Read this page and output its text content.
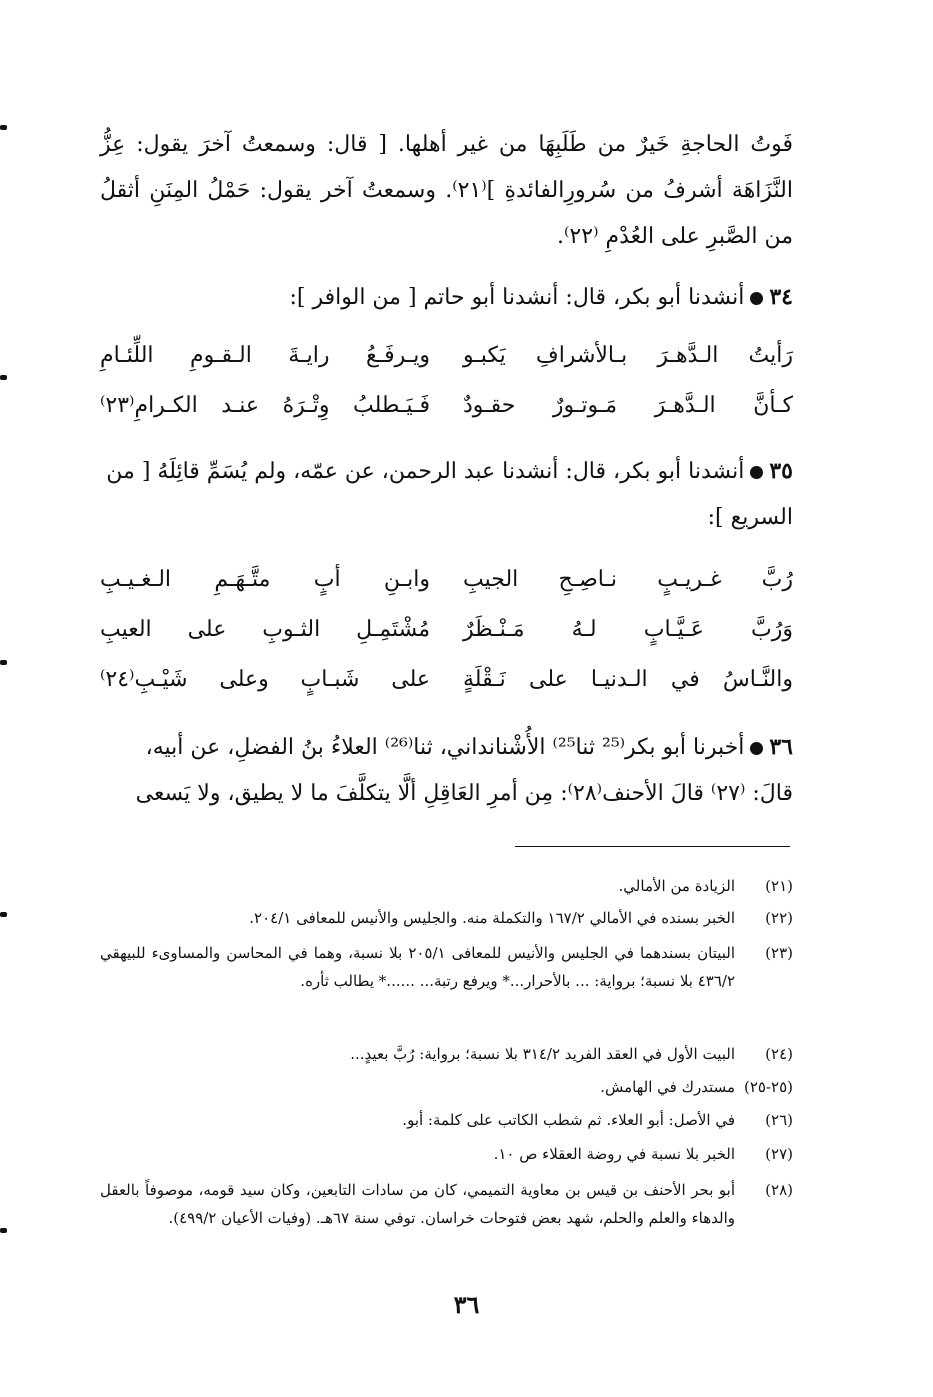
فَوتُ الحاجةِ خَيرٌ من طَلَبِهَا من غير أهلها. [ قال: وسمعتُ آخرَ يقول: عِزُّ النَّزَاهَة أشرفُ من سُرورِالفائدةِ ]⁽٢١⁾. وسمعتُ آخر يقول: حَمْلُ المِنَنِ أثقلُ من الصَّبرِ على العُدْمِ ⁽٢٢⁾.
٣٤أنشدنا أبو بكر، قال: أنشدنا أبو حاتم [ من الوافر ]:
رَأيتُ الـدَّهـرَ بـالأشرافِ يَكبـو
ويـرفَـعُ رايـةَ الـقـومِ اللِّئـامِ
كـأنَّ الـدَّهـرَ مَـوتـورٌ حقـودٌ
فَـيَـطلبُ وِتْـرَهُ عنـد الكـرامِ⁽٢٣⁾
٣٥أنشدنا أبو بكر، قال: أنشدنا عبد الرحمن، عن عمّه، ولم يُسَمِّ قائِلَهُ [ من
السريع ]:
رُبَّ غـريـبٍ نـاصِـحِ الجيبِ
وابـنِ أبٍ متَّـهَـمِ الـغـيـبِ
وَرُبَّ عَـيَّـابٍ لـهُ مَـنْـظَرٌ
مُشْتَمِـلِ الثـوبِ على العيبِ
والنَّـاسُ في الـدنيـا على نَـقْلَةٍ
على شَبـابٍ وعلى شَيْـبِ⁽٢٤⁾
٣٦أخبرنا أبو بكر⁽²⁵ ثنا²⁵⁾ الأُشْنانداني، ثنا⁽²⁶⁾ العلاءُ بنُ الفضلِ، عن أبيه،
قالَ: ⁽٢٧⁾ قالَ الأحنف⁽٢٨⁾: مِن أمرِ العَاقِلِ ألَّا يتكلَّفَ ما لا يطيق، ولا يَسعى
(٢١)
الزيادة من الأمالي.
(٢٢)
الخبر بسنده في الأمالي ١٦٧/٢ والتكملة منه. والجليس والأنيس للمعافى ٢٠٤/١.
(٢٣)
البيتان بسندهما في الجليس والأنيس للمعافى ٢٠٥/١ بلا نسبة، وهما في المحاسن والمساوىء للبيهقي ٤٣٦/٢ بلا نسبة؛ برواية: ... بالأحرار...* ويرفع رتبة... ......* يطالب ثأره.
(٢٤)
البيت الأول في العقد الفريد ٣١٤/٢ بلا نسبة؛ برواية: رُبَّ بعيدٍ...
(٢٥-٢٥)
مستدرك في الهامش.
(٢٦)
في الأصل: أبو العلاء. ثم شطب الكاتب على كلمة: أبو.
(٢٧)
الخبر بلا نسبة في روضة العقلاء ص ١٠.
(٢٨)
أبو بحر الأحنف بن قيس بن معاوية التميمي، كان من سادات التابعين، وكان سيد قومه، موصوفاً بالعقل والدهاء والعلم والحلم، شهد بعض فتوحات خراسان. توفي سنة ٦٧هـ. (وفيات الأعيان ٤٩٩/٢).
٣٦
